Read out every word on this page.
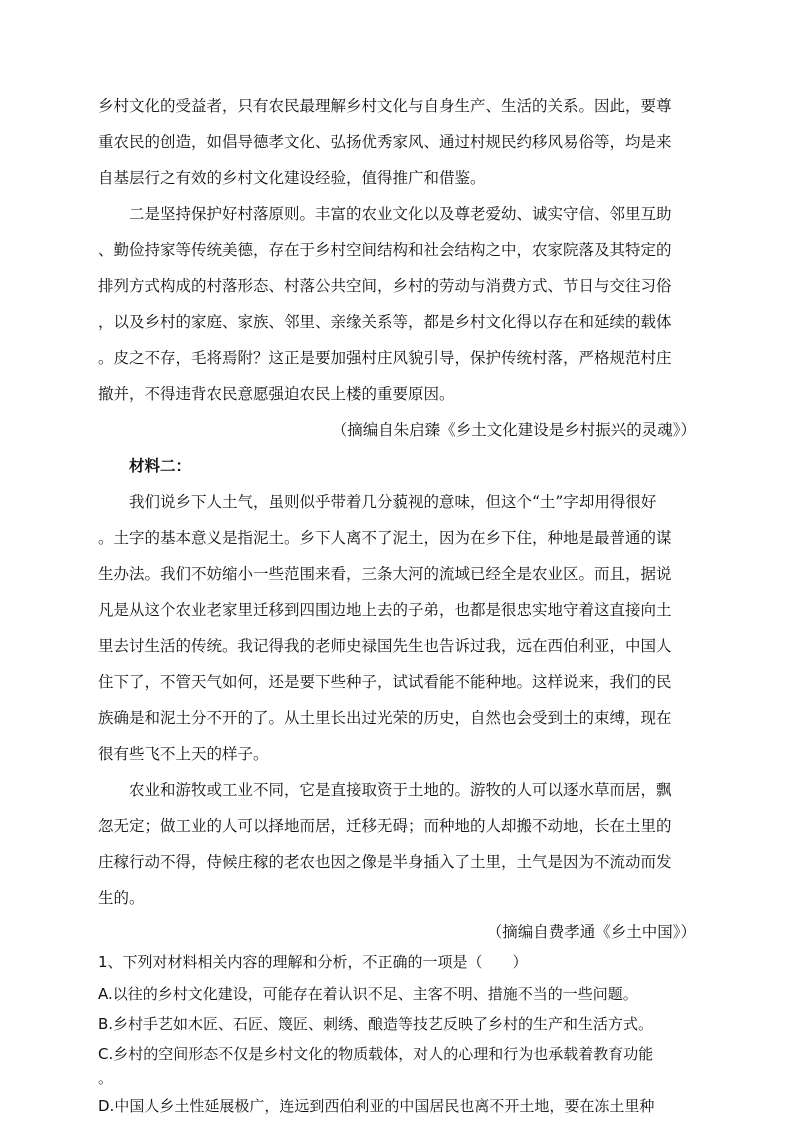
乡村文化的受益者，只有农民最理解乡村文化与自身生产、生活的关系。因此，要尊
重农民的创造，如倡导德孝文化、弘扬优秀家风、通过村规民约移风易俗等，均是来
自基层行之有效的乡村文化建设经验，值得推广和借鉴。
　　二是坚持保护好村落原则。丰富的农业文化以及尊老爱幼、诚实守信、邻里互助
、勤俭持家等传统美德，存在于乡村空间结构和社会结构之中，农家院落及其特定的
排列方式构成的村落形态、村落公共空间，乡村的劳动与消费方式、节日与交往习俗
，以及乡村的家庭、家族、邻里、亲缘关系等，都是乡村文化得以存在和延续的载体
。皮之不存，毛将焉附？这正是要加强村庄风貌引导，保护传统村落，严格规范村庄
撤并，不得违背农民意愿强迫农民上楼的重要原因。
（摘编自朱启臻《乡土文化建设是乡村振兴的灵魂》）
　　材料二：
　　我们说乡下人土气，虽则似乎带着几分藐视的意味，但这个“土”字却用得很好
。土字的基本意义是指泥土。乡下人离不了泥土，因为在乡下住，种地是最普通的谋
生办法。我们不妨缩小一些范围来看，三条大河的流域已经全是农业区。而且，据说
凡是从这个农业老家里迁移到四围边地上去的子弟，也都是很忠实地守着这直接向土
里去讨生活的传统。我记得我的老师史禄国先生也告诉过我，远在西伯利亚，中国人
住下了，不管天气如何，还是要下些种子，试试看能不能种地。这样说来，我们的民
族确是和泥土分不开的了。从土里长出过光荣的历史，自然也会受到土的束缚，现在
很有些飞不上天的样子。
　　农业和游牧或工业不同，它是直接取资于土地的。游牧的人可以逐水草而居，飘
忽无定；做工业的人可以择地而居，迁移无碍；而种地的人却搬不动地，长在土里的
庄稼行动不得，侍候庄稼的老农也因之像是半身插入了土里，土气是因为不流动而发
生的。
（摘编自费孝通《乡土中国》）
1、下列对材料相关内容的理解和分析，不正确的一项是（　　）
A.以往的乡村文化建设，可能存在着认识不足、主客不明、措施不当的一些问题。
B.乡村手艺如木匠、石匠、篾匠、刺绣、酿造等技艺反映了乡村的生产和生活方式。
C.乡村的空间形态不仅是乡村文化的物质载体，对人的心理和行为也承载着教育功能
。
D.中国人乡土性延展极广，连远到西伯利亚的中国居民也离不开土地，要在冻土里种
